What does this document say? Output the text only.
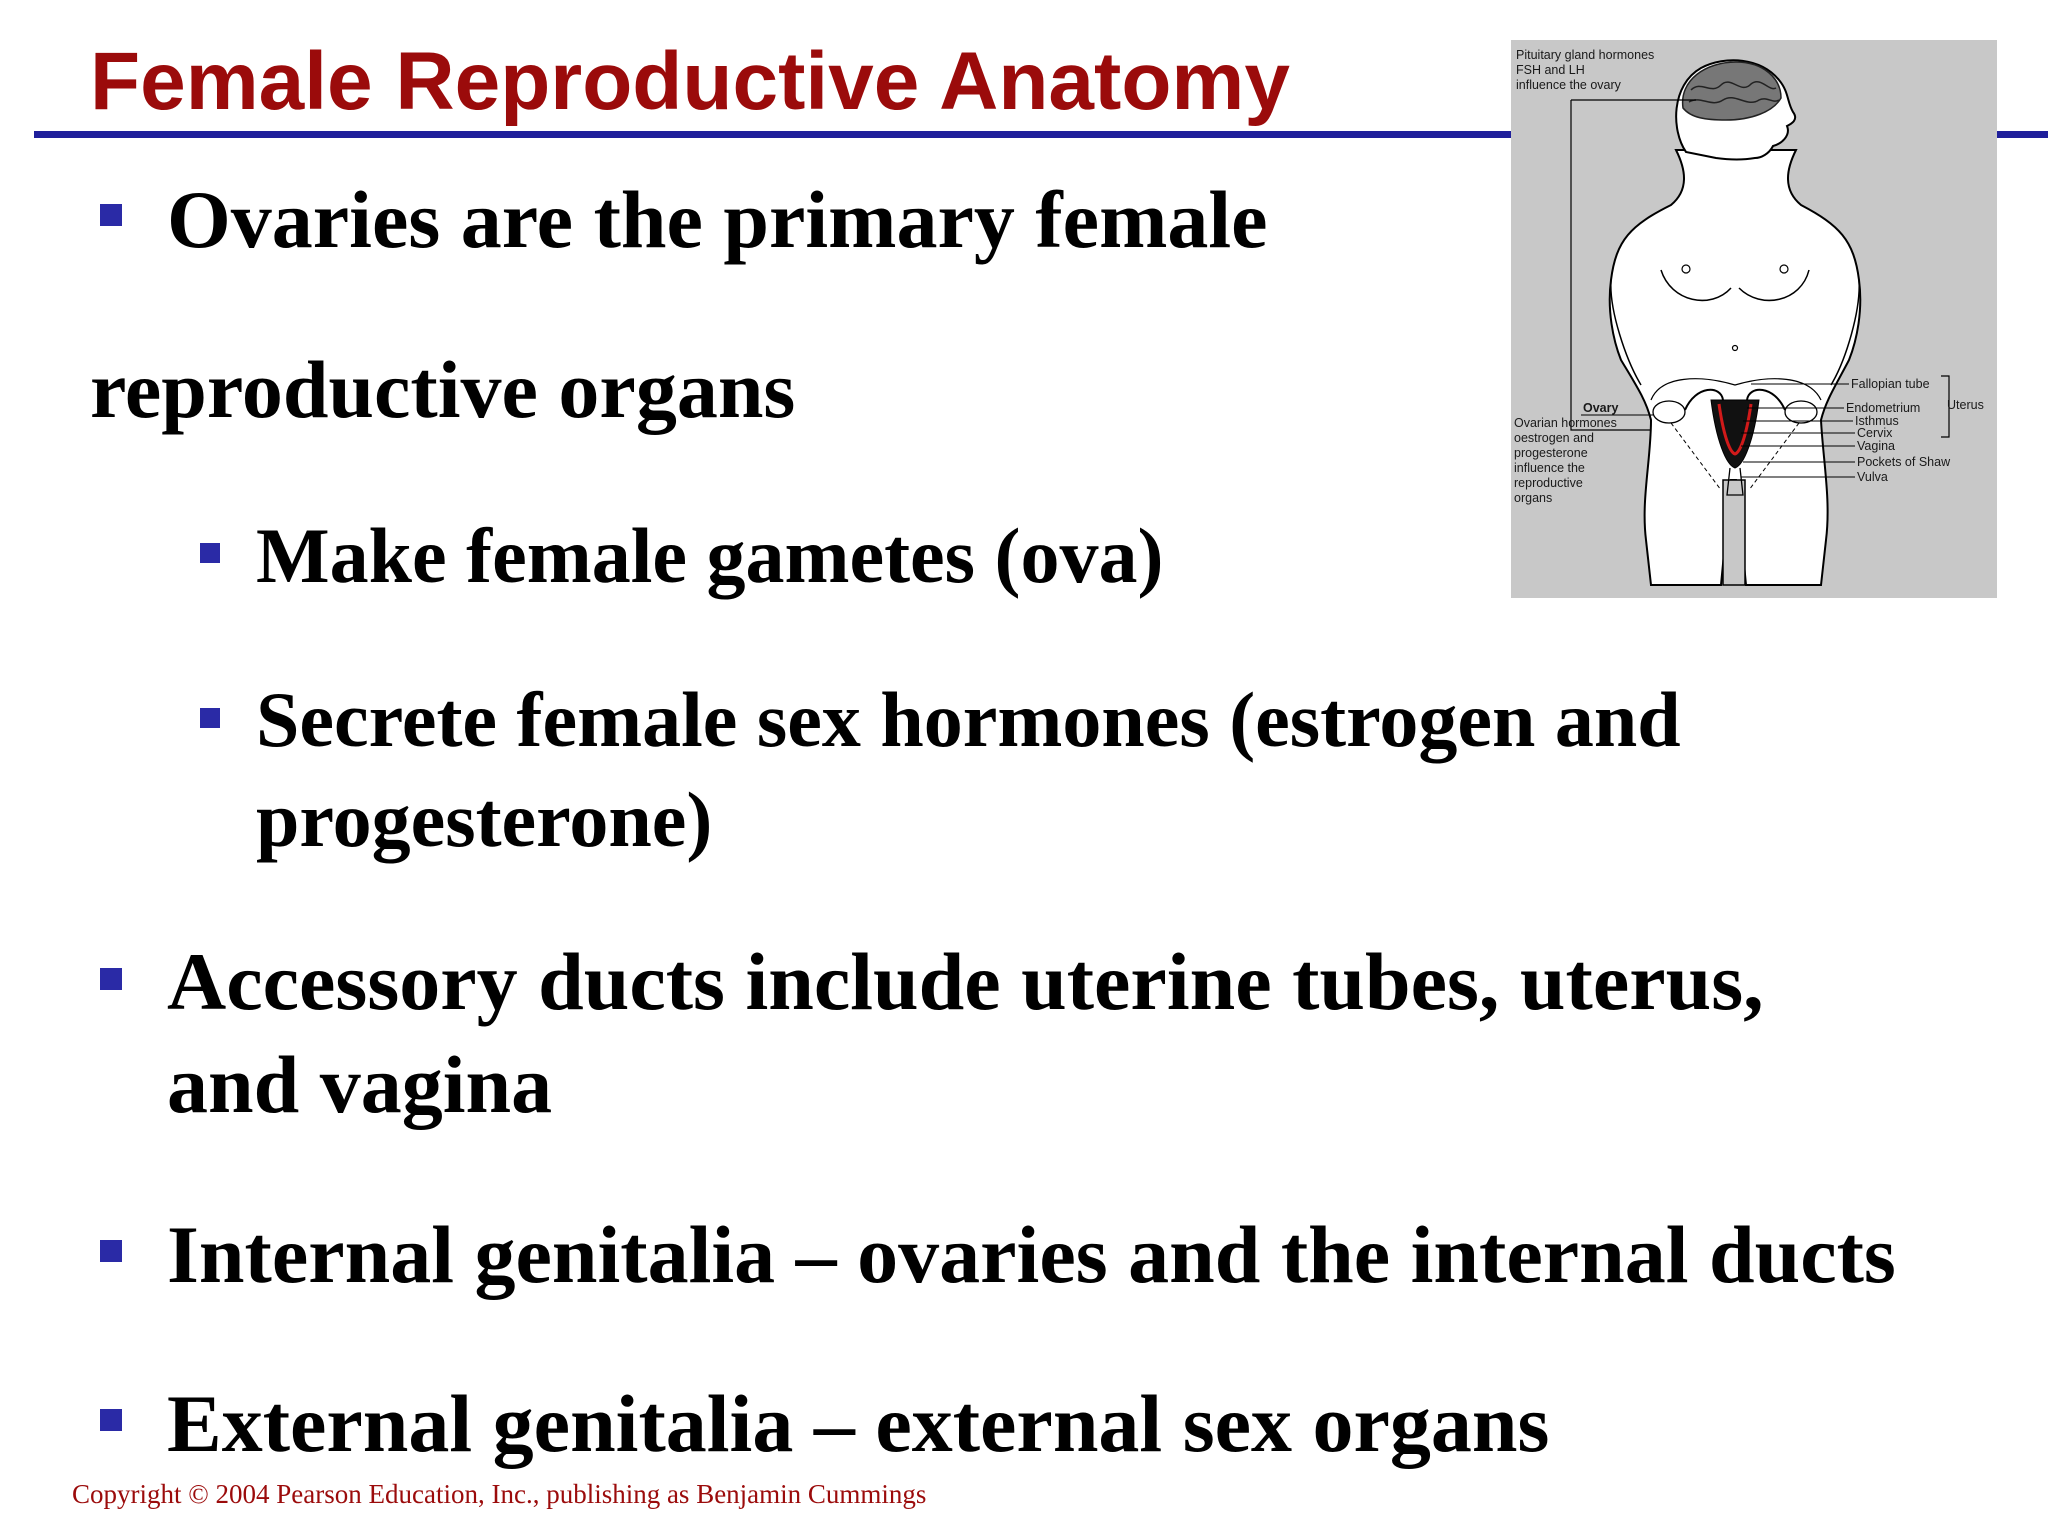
Female Reproductive Anatomy	Pituitary gland hormones
FSH and LH
influence the ovary
Ovary
Ovarian hormones
oestrogen and
progesterone
influence the
reproductive
organs
Fallopian tube
Endometrium
Isthmus
Cervix
Vagina
Pockets of Shaw
Vulva
Uterus
Ovaries are the primary female
reproductive organs
Make female gametes (ova)
Secrete female sex hormones (estrogen and
progesterone)
Accessory ducts include uterine tubes, uterus,
and vagina
Internal genitalia – ovaries and the internal ducts
External genitalia – external sex organs
Copyright © 2004 Pearson Education, Inc., publishing as Benjamin Cummings
